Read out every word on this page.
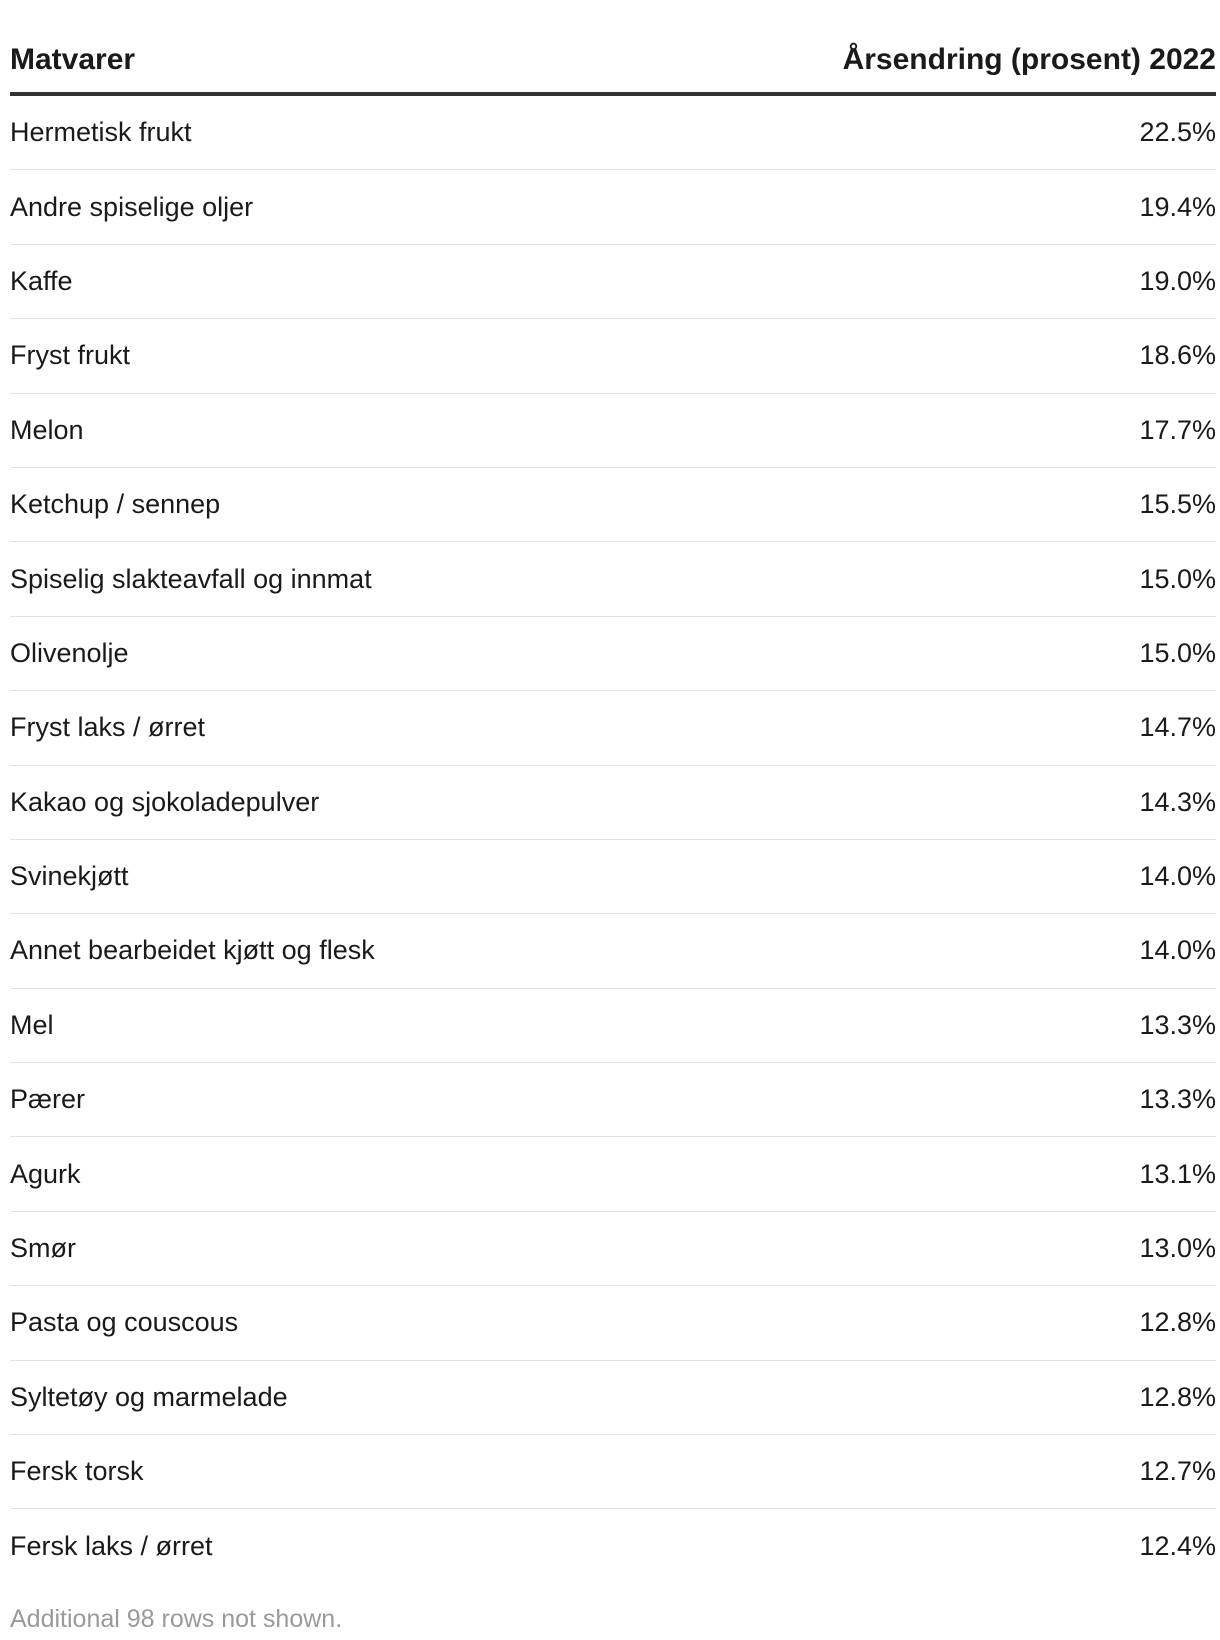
Matvarer	Årsendring (prosent) 2022
Hermetisk frukt	22.5%
Andre spiselige oljer	19.4%
Kaffe	19.0%
Fryst frukt	18.6%
Melon	17.7%
Ketchup / sennep	15.5%
Spiselig slakteavfall og innmat	15.0%
Olivenolje	15.0%
Fryst laks / ørret	14.7%
Kakao og sjokoladepulver	14.3%
Svinekjøtt	14.0%
Annet bearbeidet kjøtt og flesk	14.0%
Mel	13.3%
Pærer	13.3%
Agurk	13.1%
Smør	13.0%
Pasta og couscous	12.8%
Syltetøy og marmelade	12.8%
Fersk torsk	12.7%
Fersk laks / ørret	12.4%
Additional 98 rows not shown.
